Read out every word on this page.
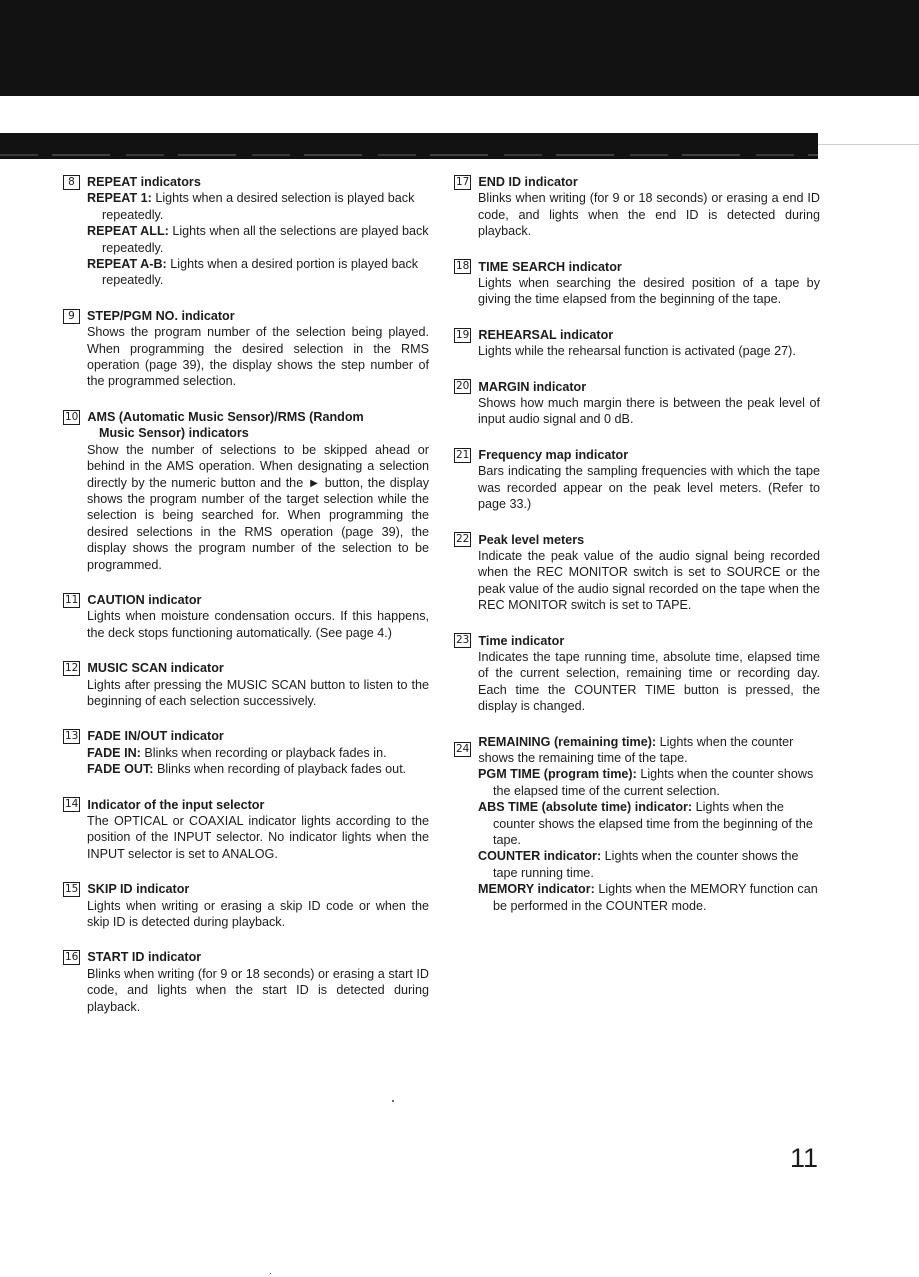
8 REPEAT indicators

REPEAT 1: Lights when a desired selection is played back repeatedly.

REPEAT ALL: Lights when all the selections are played back repeatedly.

REPEAT A-B: Lights when a desired portion is played back repeatedly.

9 STEP/PGM NO. indicator
Shows the program number of the selection being played. When programming the desired selection in the RMS operation (page 39), the display shows the step number of the programmed selection.
10 AMS (Automatic Music Sensor)/RMS (Random
Music Sensor) indicators
Show the number of selections to be skipped ahead or behind in the AMS operation. When designating a selection directly by the numeric button and the ► button, the display shows the program number of the target selection while the selection is being searched for. When programming the desired selections in the RMS operation (page 39), the display shows the program number of the selection to be programmed.
11 CAUTION indicator
Lights when moisture condensation occurs. If this happens, the deck stops functioning automatically. (See page 4.)
12 MUSIC SCAN indicator
Lights after pressing the MUSIC SCAN button to listen to the beginning of each selection successively.
13 FADE IN/OUT indicator

FADE IN: Blinks when recording or playback fades in.

FADE OUT: Blinks when recording of playback fades out.

14 Indicator of the input selector
The OPTICAL or COAXIAL indicator lights according to the position of the INPUT selector. No indicator lights when the INPUT selector is set to ANALOG.
15 SKIP ID indicator
Lights when writing or erasing a skip ID code or when the skip ID is detected during playback.
16 START ID indicator
Blinks when writing (for 9 or 18 seconds) or erasing a start ID code, and lights when the start ID is detected during playback.
17 END ID indicator
Blinks when writing (for 9 or 18 seconds) or erasing a end ID code, and lights when the end ID is detected during playback.
18 TIME SEARCH indicator
Lights when searching the desired position of a tape by giving the time elapsed from the beginning of the tape.
19 REHEARSAL indicator
Lights while the rehearsal function is activated (page 27).
20 MARGIN indicator
Shows how much margin there is between the peak level of input audio signal and 0 dB.
21 Frequency map indicator
Bars indicating the sampling frequencies with which the tape was recorded appear on the peak level meters. (Refer to page 33.)
22 Peak level meters
Indicate the peak value of the audio signal being recorded when the REC MONITOR switch is set to SOURCE or the peak value of the audio signal recorded on the tape when the REC MONITOR switch is set to TAPE.
23 Time indicator
Indicates the tape running time, absolute time, elapsed time of the current selection, remaining time or recording day. Each time the COUNTER TIME button is pressed, the display is changed.
24
REMAINING (remaining time): Lights when the counter shows the remaining time of the tape.

PGM TIME (program time): Lights when the counter shows the elapsed time of the current selection.

ABS TIME (absolute time) indicator: Lights when the counter shows the elapsed time from the beginning of the tape.

COUNTER indicator: Lights when the counter shows the tape running time.

MEMORY indicator: Lights when the MEMORY function can be performed in the COUNTER mode.

11
